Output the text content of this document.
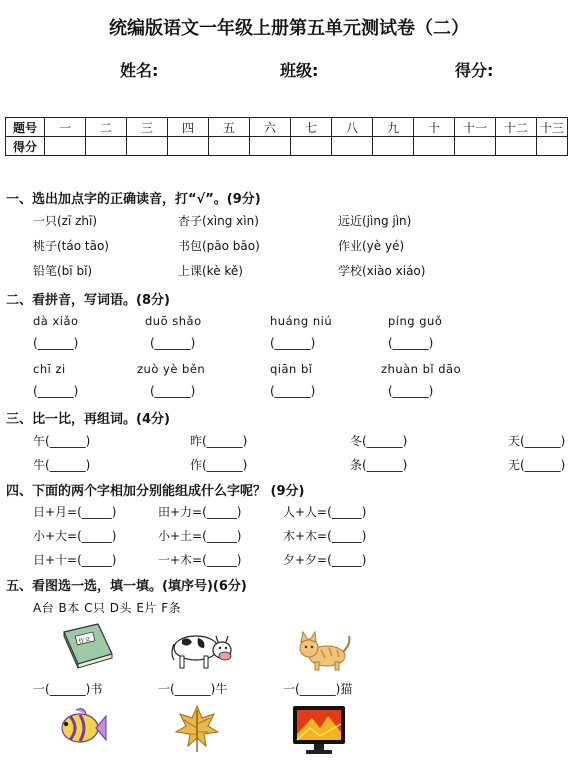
统编版语文一年级上册第五单元测试卷（二）
姓名:	班级:	得分:
题号	一	二	三	四	五	六	七	八	九	十	十一	十二	十三
得分													
一、选出加点字的正确读音，打“√”。(9分)
一只(zī zhī)	杏子(xìng xìn)	远近(jìng jìn)
桃子(táo tāo)	书包(pāo bāo)	作业(yè yé)
铅笔(bī bǐ)	上课(kè kě)	学校(xiào xiáo)
二、看拼音，写词语。(8分)
dà xiǎo	duō shǎo	huáng niú	píng guǒ
(______)	(______)	(______)	(______)
chī zi	zuò yè běn	qiān bǐ	zhuàn bǐ dāo
(______)	(______)	(______)	(______)
三、比一比，再组词。(4分)
午(______)	昨(______)	冬(______)	天(______)
牛(______)	作(______)	条(______)	无(______)
四、下面的两个字相加分别能组成什么字呢？ (9分)
日+月=(_____)	田+力=(_____)	人+人=(_____)
小+大=(_____)	小+土=(_____)	木+木=(_____)
日+十=(_____)	一+木=(_____)	夕+夕=(_____)
五、看图选一选，填一填。(填序号)(6分)
A台 B本 C只 D头 E片 F条
作文
一(______)书	一(______)牛	一(______)猫
